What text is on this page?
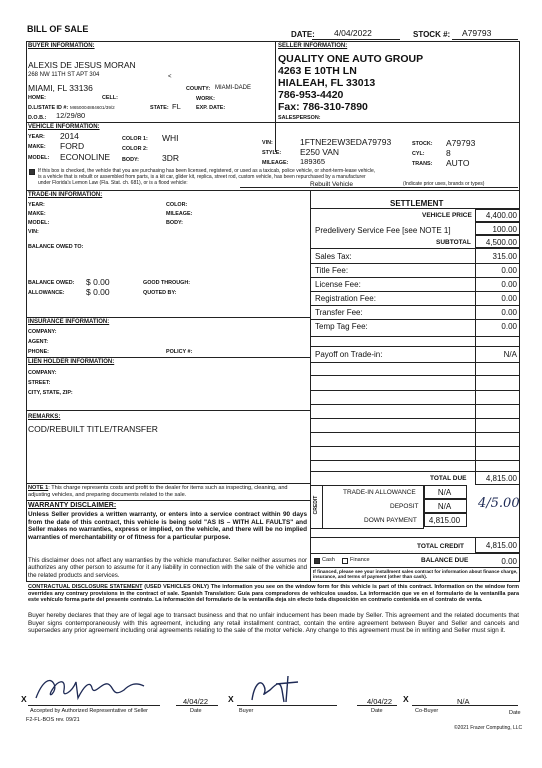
BILL OF SALE
DATE: 4/04/2022	STOCK #: A79793
BUYER INFORMATION:
ALEXIS DE JESUS MORAN
268 NW 11TH ST APT 304	<
MIAMI, FL 33136	COUNTY: MIAMI-DADE
HOME:	CELL:	WORK:
D.L/STATE ID #: M650004884601/39/2	STATE: FL	EXP. DATE:
D.O.B.: 12/29/80
SELLER INFORMATION:
QUALITY ONE AUTO GROUP
4263 E 10TH LN
HIALEAH, FL 33013
786-953-4420
Fax: 786-310-7890
SALESPERSON:
VEHICLE INFORMATION:
YEAR: 2014
MAKE: FORD
MODEL: ECONOLINE
COLOR 1: WHI
COLOR 2:
BODY:	3DR
VIN:	1FTNE2EW3EDA79793
STYLE: E250 VAN
MILEAGE: 189365
STOCK: A79793
CYL:	8
TRANS: AUTO
If this box is checked, the vehicle that you are purchasing has been licensed, registered, or used as a taxicab, police vehicle, or short-term-lease vehicle,
is a vehicle that is rebuilt or assembled from parts, is a kit car, glider kit, replica, street rod, custom vehicle, has been repurchased by a manufacturer
under Florida's Lemon Law (Fla. Stat. ch. 681), or is a flood vehicle:	Rebuilt Vehicle	(Indicate prior uses, brands or types)
TRADE-IN INFORMATION:
YEAR:
MAKE:
MODEL:
VIN:
COLOR:
MILEAGE:
BODY:
BALANCE OWED TO:
BALANCE OWED: $ 0.00
ALLOWANCE:	$ 0.00
GOOD THROUGH:
QUOTED BY:
INSURANCE INFORMATION:
COMPANY:
AGENT:
PHONE:	POLICY #:
LIEN HOLDER INFORMATION:
COMPANY:
STREET:
CITY, STATE, ZIP:
REMARKS:
COD/REBUILT TITLE/TRANSFER
SETTLEMENT
VEHICLE PRICE	4,400.00
Predelivery Service Fee [see NOTE 1]	100.00
SUBTOTAL	4,500.00
Sales Tax:	315.00
Title Fee:	0.00
License Fee:	0.00
Registration Fee:	0.00
Transfer Fee:	0.00
Temp Tag Fee:	0.00
Payoff on Trade-in:	N/A
TOTAL DUE	4,815.00
CREDIT
TRADE-IN ALLOWANCE	N/A
DEPOSIT	N/A
DOWN PAYMENT	4,815.00
4/5.00
TOTAL CREDIT	4,815.00
Cash	Finance	BALANCE DUE	0.00
If financed, please see your installment sales contract for information about finance charge, insurance, and terms of payment (other than cash).
NOTE 1: This charge represents costs and profit to the dealer for items such as inspecting, cleaning, and adjusting vehicles, and preparing documents related to the sale.
WARRANTY DISCLAIMER:
Unless Seller provides a written warranty, or enters into a service contract within 90 days from the date of this contract, this vehicle is being sold "AS IS – WITH ALL FAULTS" and Seller makes no warranties, express or implied, on the vehicle, and there will be no implied warranties of merchantability or of fitness for a particular purpose.
This disclaimer does not affect any warranties by the vehicle manufacturer. Seller neither assumes nor authorizes any other person to assume for it any liability in connection with the sale of the vehicle and the related products and services.
CONTRACTUAL DISCLOSURE STATEMENT (USED VEHICLES ONLY) The information you see on the window form for this vehicle is part of this contract. Information on the window form overrides any contrary provisions in the contract of sale. Spanish Translation: Guía para compradores de vehículos usados. La información que ve en el formulario de la ventanilla para este vehículo forma parte del presente contrato. La información del formulario de la ventanilla deja sin efecto toda disposición en contrario contenida en el contrato de venta.
Buyer hereby declares that they are of legal age to transact business and that no unfair inducement has been made by Seller. This agreement and the related documents that Buyer signs contemporaneously with this agreement, including any retail installment contract, contain the entire agreement between Buyer and Seller and cancels and supersedes any prior agreement including oral agreements relating to the sale of the motor vehicle. Any change to this agreement must be in writing and Seller must sign it.
X	4/04/22 X	4/04/22 X	N/A
Accepted by Authorized Representative of Seller	Date	Buyer	Date	Co-Buyer	Date
F2-FL-BOS rev. 09/21
©2021 Frazer Computing, LLC
